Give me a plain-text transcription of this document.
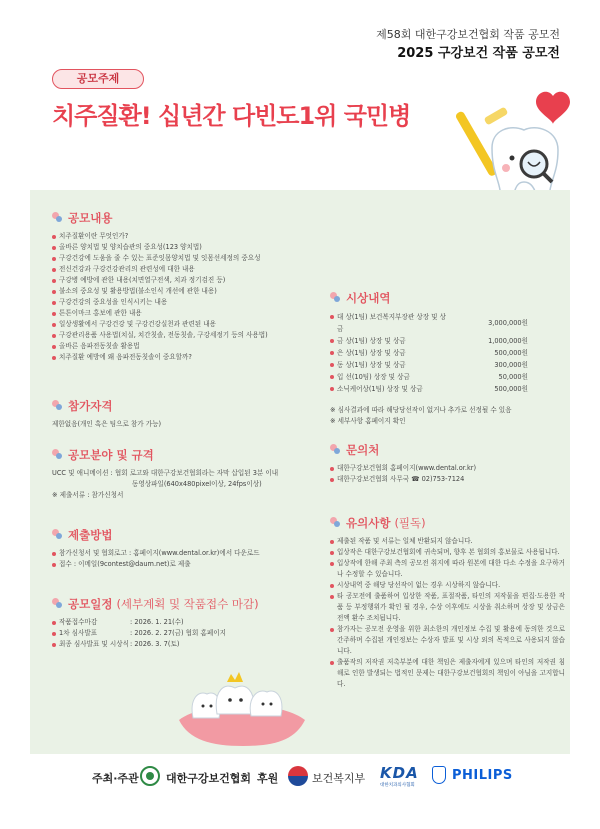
제58회 대한구강보건협회 작품 공모전
2025 구강보건 작품 공모전
공모주제
치주질환! 십년간 다빈도1위 국민병
공모내용
치주질환이란 무엇인가?
올바른 양치법 및 양치습관의 중요성(123 양치법)
구강건강에 도움을 줄 수 있는 표준잇몸양치법 및 잇몸선세정의 중요성
전신건강과 구강건강관리의 관련성에 대한 내용
구강병 예방에 관한 내용(치면열구전색, 치과 정기검진 등)
불소의 중요성 및 활용방법(불소인식 개선에 관한 내용)
구강건강의 중요성을 인식시키는 내용
튼튼이마크 홍보에 관한 내용
일상생활에서 구강건강 및 구강건강실천과 관련된 내용
구강관리용품 사용법(치실, 치간칫솔, 전동칫솔, 구강세정기 등의 사용법)
올바른 음파전동칫솔 활용법
치주질환 예방에 왜 음파전동칫솔이 중요할까?
참가자격
제한없음(개인 혹은 팀으로 참가 가능)
공모분야 및 규격
UCC 및 애니메이션 : 협회 로고와 대한구강보건협회라는 자막 삽입된 3분 이내
동영상파일(640x480pixel이상, 24fps이상)
※ 제출서류 : 참가신청서
제출방법
참가신청서 및 협회로고 : 홈페이지(www.dental.or.kr)에서 다운로드
접수 : 이메일(9contest@daum.net)로 제출
공모일정 (세부계획 및 작품접수 마감)
작품접수마감	: 2026. 1. 21(수)
1차 심사발표	: 2026. 2. 27(금) 협회 홈페이지
최종 심사발표 및 시상식	: 2026. 3. 7(토)
시상내역
대 상(1팀) 보건복지부장관 상장 및 상금	3,000,000원
금 상(1팀) 상장 및 상금	1,000,000원
은 상(1팀) 상장 및 상금	500,000원
동 상(1팀) 상장 및 상금	300,000원
입 선(10팀) 상장 및 상금	50,000원
소닉케어상(1팀) 상장 및 상금	500,000원
※ 심사결과에 따라 해당당선작이 없거나 추가로 선정될 수 있음
※ 세부사항 홈페이지 확인
문의처
대한구강보건협회 홈페이지(www.dental.or.kr)
대한구강보건협회 사무국 ☎ 02)753-7124
유의사항 (필독)
제출된 작품 및 서류는 일체 반환되지 않습니다.
입상작은 대한구강보건협회에 귀속되며, 향후 본 협회의 홍보물로 사용됩니다.
입상작에 한해 주최 측의 공모전 취지에 따라 원본에 대한 다소 수정을 요구하거나 수정할 수 있습니다.
시상내역 중 해당 당선작이 없는 경우 시상하지 않습니다.
타 공모전에 출품하여 입상한 작품, 표절작품, 타인의 저작물을 편집·도용한 작품 등 부정행위가 확인 될 경우, 수상 이후에도 시상을 취소하며 상장 및 상금은 전액 환수 조치됩니다.
참가자는 공모전 운영을 위한 최소한의 개인정보 수집 및 활용에 동의한 것으로 간주하며 수집된 개인정보는 수상자 발표 및 시상 외의 목적으로 사용되지 않습니다.
출품작의 저작권 저촉부분에 대한 책임은 제출자에게 있으며 타인의 저작권 침해로 인한 발생되는 법적인 문제는 대한구강보건협회의 책임이 아님을 고지합니다.
주최·주관 대한구강보건협회 후원	보건복지부 KDA
대한치과의사협회
PHILIPS
